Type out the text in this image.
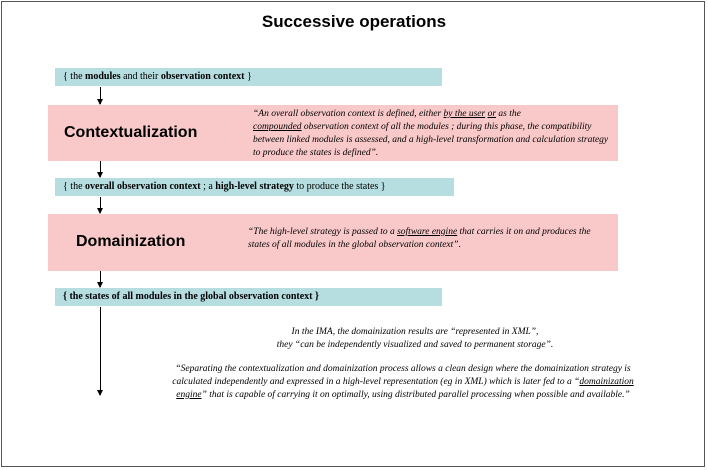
Successive operations
{ the modules and their observation context }
Contextualization
“An overall observation context is defined, either by the user or as the
compounded observation context of all the modules ; during this phase, the compatibility between linked modules is assessed, and a high-level transformation and calculation strategy to produce the states is defined”.
{ the overall observation context ; a high-level strategy to produce the states }
Domainization
“The high-level strategy is passed to a software engine that carries it on and produces the states of all modules in the global observation context”.
{ the states of all modules in the global observation context }
In the IMA, the domainization results are “represented in XML”,
they “can be independently visualized and saved to permanent storage”.
“Separating the contextualization and domainization process allows a clean design where the domainization strategy is calculated independently and expressed in a high-level representation (eg in XML) which is later fed to a “domainization engine” that is capable of carrying it on optimally, using distributed parallel processing when possible and available.”
